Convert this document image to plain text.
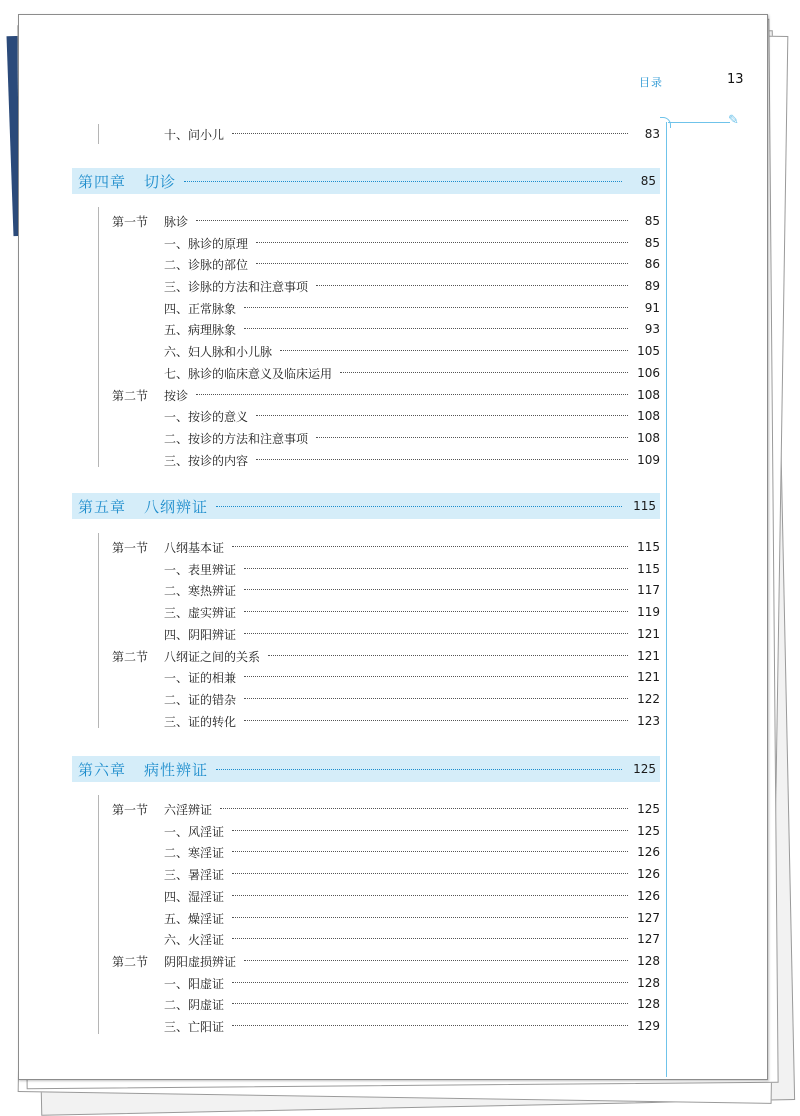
目录	13
✎
十、问小儿	83
第四章 切诊	85
第一节	脉诊	85
一、脉诊的原理	85
二、诊脉的部位	86
三、诊脉的方法和注意事项	89
四、正常脉象	91
五、病理脉象	93
六、妇人脉和小儿脉	105
七、脉诊的临床意义及临床运用	106
第二节	按诊	108
一、按诊的意义	108
二、按诊的方法和注意事项	108
三、按诊的内容	109
第五章 八纲辨证	115
第一节	八纲基本证	115
一、表里辨证	115
二、寒热辨证	117
三、虚实辨证	119
四、阴阳辨证	121
第二节	八纲证之间的关系	121
一、证的相兼	121
二、证的错杂	122
三、证的转化	123
第六章 病性辨证	125
第一节	六淫辨证	125
一、风淫证	125
二、寒淫证	126
三、暑淫证	126
四、湿淫证	126
五、燥淫证	127
六、火淫证	127
第二节	阴阳虚损辨证	128
一、阳虚证	128
二、阴虚证	128
三、亡阳证	129
